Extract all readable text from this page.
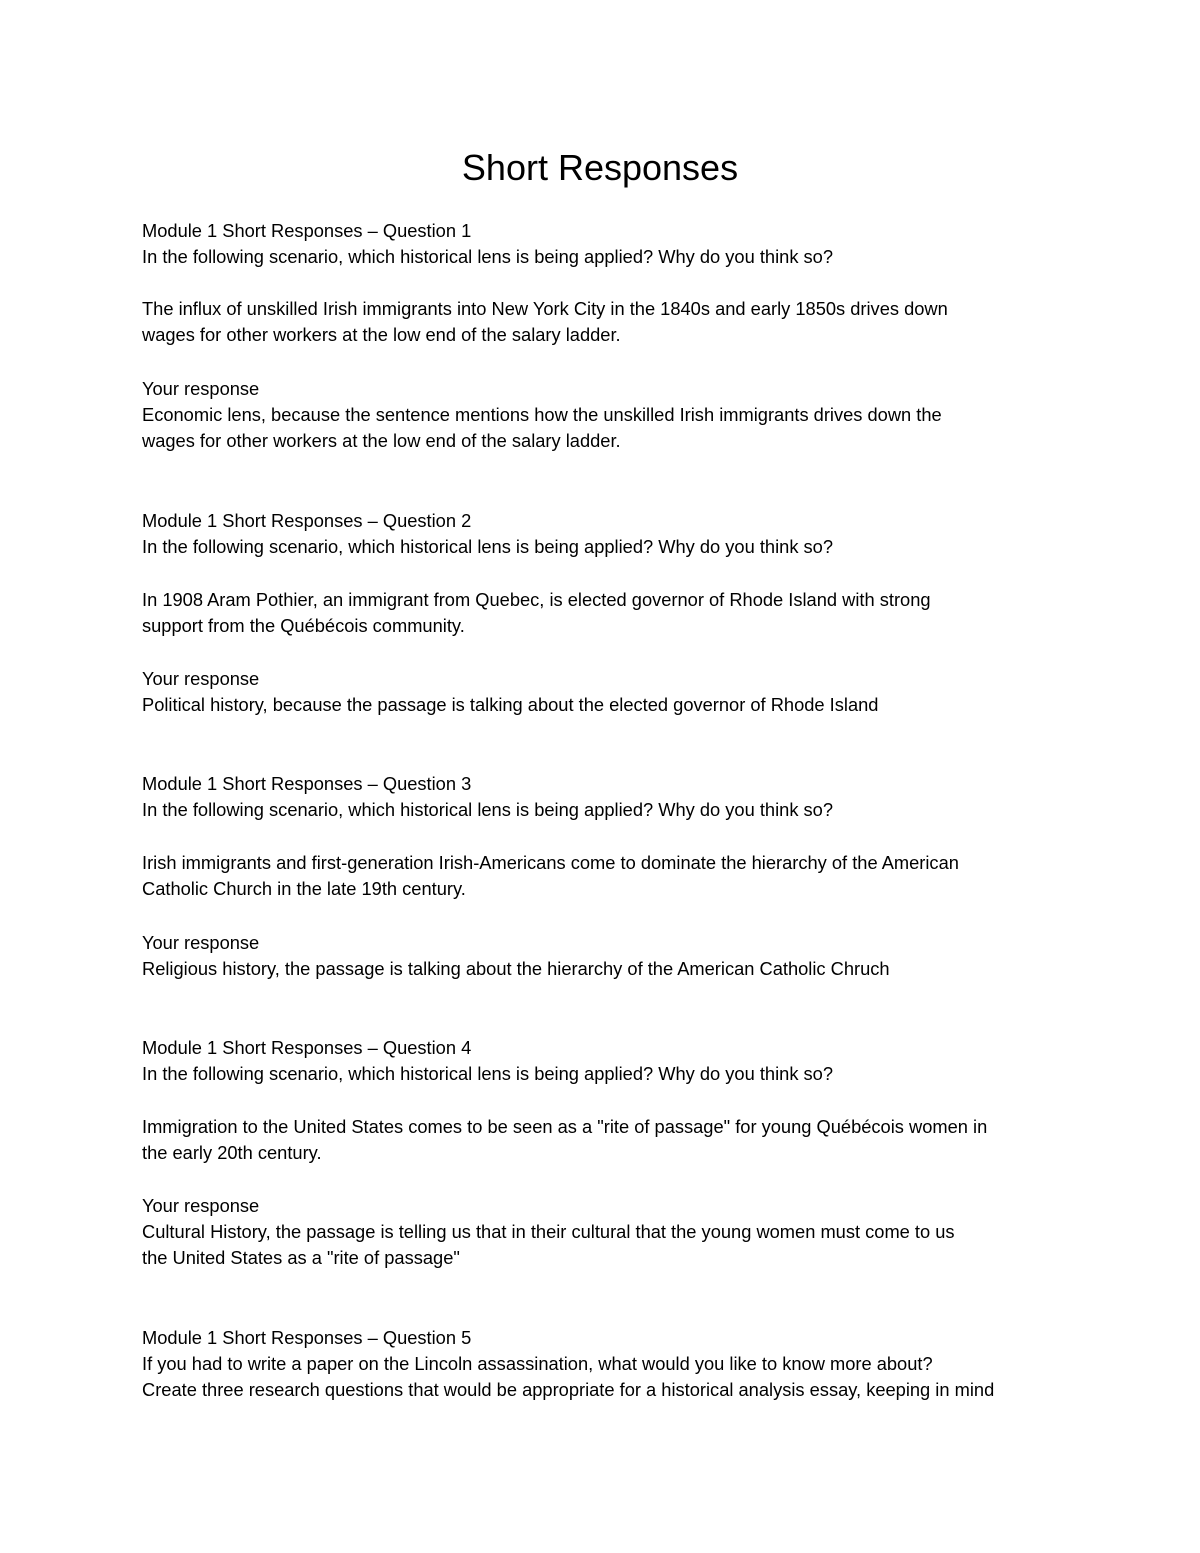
Short Responses

Module 1 Short Responses – Question 1

In the following scenario, which historical lens is being applied? Why do you think so?

The influx of unskilled Irish immigrants into New York City in the 1840s and early 1850s drives down

wages for other workers at the low end of the salary ladder.

Your response

Economic lens, because the sentence mentions how the unskilled Irish immigrants drives down the

wages for other workers at the low end of the salary ladder.

Module 1 Short Responses – Question 2

In the following scenario, which historical lens is being applied? Why do you think so?

In 1908 Aram Pothier, an immigrant from Quebec, is elected governor of Rhode Island with strong

support from the Québécois community.

Your response

Political history, because the passage is talking about the elected governor of Rhode Island

Module 1 Short Responses – Question 3

In the following scenario, which historical lens is being applied? Why do you think so?

Irish immigrants and first-generation Irish-Americans come to dominate the hierarchy of the American

Catholic Church in the late 19th century.

Your response

Religious history, the passage is talking about the hierarchy of the American Catholic Chruch

Module 1 Short Responses – Question 4

In the following scenario, which historical lens is being applied? Why do you think so?

Immigration to the United States comes to be seen as a "rite of passage" for young Québécois women in

the early 20th century.

Your response

Cultural History, the passage is telling us that in their cultural that the young women must come to us

the United States as a "rite of passage"

Module 1 Short Responses – Question 5

If you had to write a paper on the Lincoln assassination, what would you like to know more about?

Create three research questions that would be appropriate for a historical analysis essay, keeping in mind
